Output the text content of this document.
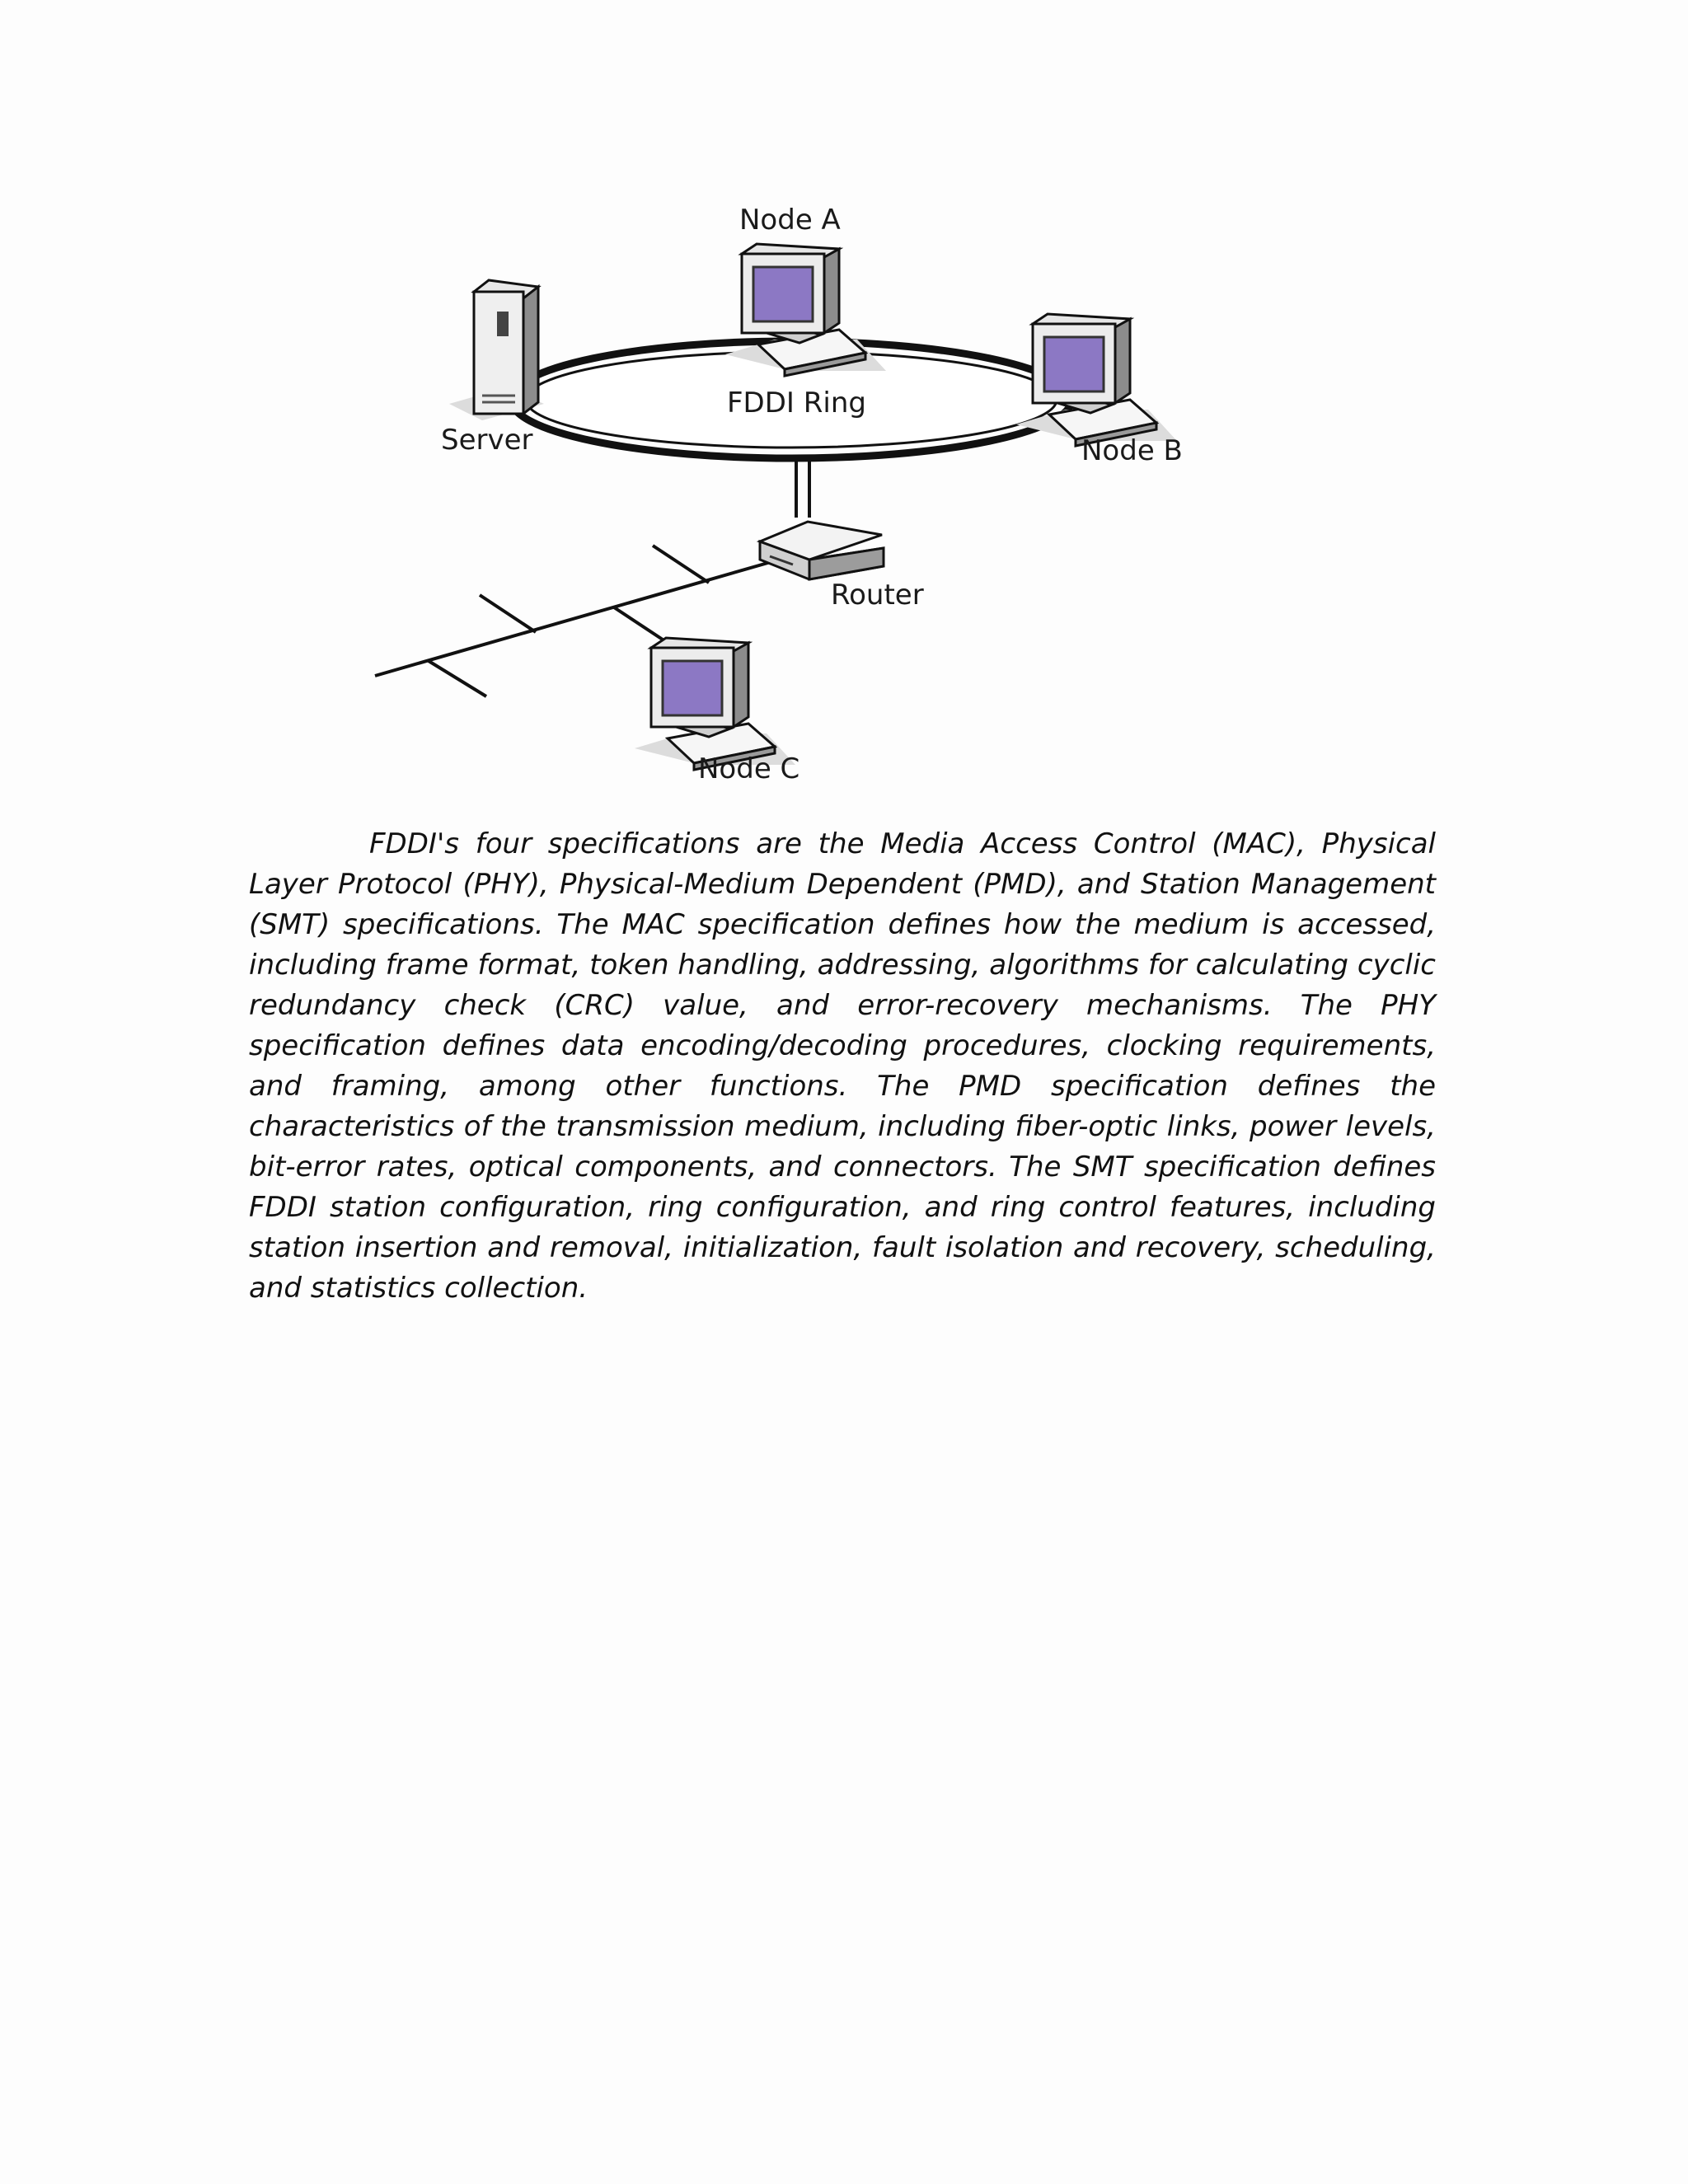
Node A
Server
FDDI Ring
Node B
Router
Node C

FDDI's four specifications are the Media Access Control (MAC), Physical Layer Protocol (PHY), Physical-Medium Dependent (PMD), and Station Management (SMT) specifications. The MAC specification defines how the medium is accessed, including frame format, token handling, addressing, algorithms for calculating cyclic redundancy check (CRC) value, and error-recovery mechanisms. The PHY specification defines data encoding/decoding procedures, clocking requirements, and framing, among other functions. The PMD specification defines the characteristics of the transmission medium, including fiber-optic links, power levels, bit-error rates, optical components, and connectors. The SMT specification defines FDDI station configuration, ring configuration, and ring control features, including station insertion and removal, initialization, fault isolation and recovery, scheduling, and statistics collection.
